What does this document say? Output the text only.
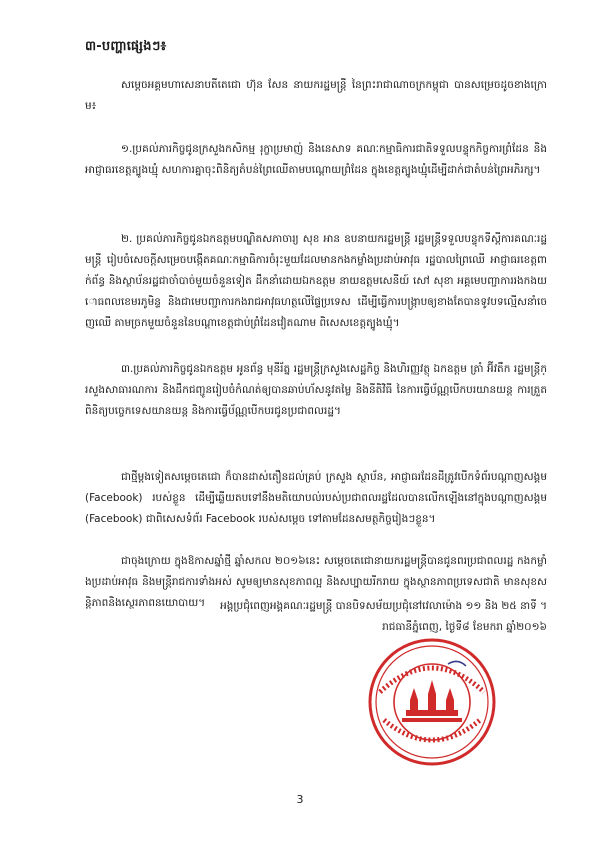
៣-បញ្ហាផ្សេងៗ៖

សម្តេចអគ្គមហាសេនាបតីតេជោ ហ៊ុន សែន នាយករដ្ឋមន្ត្រី នៃព្រះរាជាណាចក្រកម្ពុជា បានសម្រេចដូចខាងក្រោម៖

១.ប្រគល់ភារកិច្ចជូនក្រសួងកសិកម្ម រុក្ខាប្រមាញ់ និងនេសាទ គណៈកម្មាធិការជាតិទទួលបន្ទុកកិច្ចការព្រំដែន និងអាជ្ញាធរខេត្តត្បូងឃ្មុំ សហការគ្នាចុះពិនិត្យតំបន់ព្រៃឈើតាមបណ្តោយព្រំដែន ក្នុងខេត្តត្បូងឃ្មុំដើម្បីដាក់ជាតំបន់ព្រៃអភិរក្ស។

២. ប្រគល់ភារកិច្ចជូនឯកឧត្តមបណ្ឌិតសភាចារ្យ សុខ អាន ឧបនាយករដ្ឋមន្ត្រី រដ្ឋមន្ត្រីទទួលបន្ទុកទីស្តីការគណៈរដ្ឋមន្ត្រី រៀបចំសេចក្តីសម្រេចបង្កើតគណៈកម្មាធិការចំរុះមួយដែលមានកងកម្លាំងប្រដាប់អាវុធ រដ្ឋបាលព្រៃឈើ អាជ្ញាធរខេត្តពាក់ព័ន្ធ និងស្ថាប័នរដ្ឋជាចាំបាច់មួយចំនួនទៀត ដឹកនាំដោយឯកឧត្តម នាយឧត្តមសេនីយ៍ សៅ សុខា អគ្គមេបញ្ជាការរងកងយោធពលខេមរភូមិន្ទ និងជាមេបញ្ជាការកងរាជអាវុធហត្ថលើផ្ទៃប្រទេស ដើម្បីធ្វើការបង្ក្រាបឲ្យខាងតែបានទូវបទល្មើសនាំចេញឈើ តាមច្រកមួយចំនួននៃបណ្តាខេត្តជាប់ព្រំដែនវៀតណាម ពិសេសខេត្តត្បូងឃ្មុំ។

៣.ប្រគល់ភារកិច្ចជូនឯកឧត្តម អូនព័ន្ធ មុនីរ័ត្ន រដ្ឋមន្ត្រីក្រសួងសេដ្ឋកិច្ច និងហិរញ្ញវត្ថុ ឯកឧត្តម ត្រាំ អ៊ីវតឹក រដ្ឋមន្ត្រីក្រសួងសាធារណការ និងដឹកជញ្ជូនរៀបចំកំណត់ឲ្យបានឆាប់ហ័សនូវតម្លៃ និងនីតិវិធី នៃការធ្វើប័ណ្ណបើកបរយានយន្ត ការត្រួតពិនិត្យបច្ចេកទេសយានយន្ត និងការធ្វើប័ណ្ណបើកបរជូនប្រជាពលរដ្ឋ។

ជាថ្មីម្តងទៀតសម្តេចតេជោ ក៏បានដាស់តឿនដល់គ្រប់ ក្រសួង ស្ថាប័ន, អាជ្ញាធរដែនដីត្រូវបើកទំព័របណ្តាញសង្គម (Facebook) របស់ខ្លួន ដើម្បីឆ្លើយតបទៅនឹងមតិយោបល់របស់ប្រជាពលរដ្ឋដែលបានលើកឡើងនៅក្នុងបណ្តាញសង្គម (Facebook) ជាពិសេសទំព័រ Facebook របស់សម្តេច ទៅតាមដែនសមត្ថកិច្ចរៀងៗខ្លួន។

ជាចុងក្រោយ ក្នុងឱកាសឆ្នាំថ្មី ឆ្នាំសកល ២០១៦នេះ សម្តេចតេជោនាយករដ្ឋមន្ត្រីបានជូនពរប្រជាពលរដ្ឋ កងកម្លាំងប្រដាប់អាវុធ និងមន្ត្រីរាជការទាំងអស់ សូមឲ្យមានសុខភាពល្អ និងសប្បាយរីករាយ ក្នុងស្ថានភាពប្រទេសជាតិ មានសុខសន្តិភាពនិងស្ថេរភាពនយោបាយ។	អង្គប្រជុំពេញអង្គគណៈរដ្ឋមន្ត្រី បានបិទសម័យប្រជុំនៅវេលាម៉ោង ១១ និង ២៥ នាទី ។
រាជធានីភ្នំពេញ, ថ្ងៃទី៨ ខែមករា ឆ្នាំ២០១៦
3
